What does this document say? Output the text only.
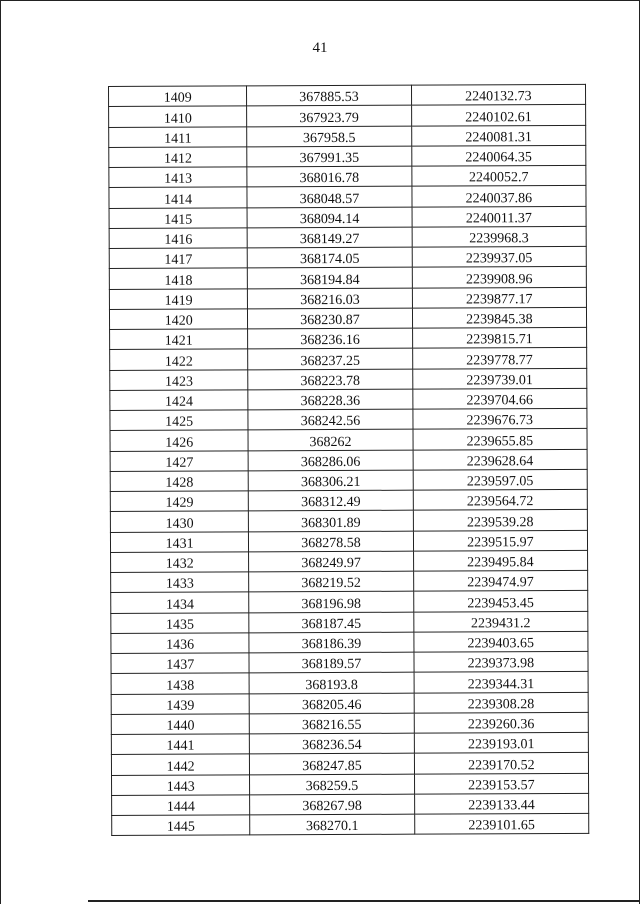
41
1409	367885.53	2240132.73
1410	367923.79	2240102.61
1411	367958.5	2240081.31
1412	367991.35	2240064.35
1413	368016.78	2240052.7
1414	368048.57	2240037.86
1415	368094.14	2240011.37
1416	368149.27	2239968.3
1417	368174.05	2239937.05
1418	368194.84	2239908.96
1419	368216.03	2239877.17
1420	368230.87	2239845.38
1421	368236.16	2239815.71
1422	368237.25	2239778.77
1423	368223.78	2239739.01
1424	368228.36	2239704.66
1425	368242.56	2239676.73
1426	368262	2239655.85
1427	368286.06	2239628.64
1428	368306.21	2239597.05
1429	368312.49	2239564.72
1430	368301.89	2239539.28
1431	368278.58	2239515.97
1432	368249.97	2239495.84
1433	368219.52	2239474.97
1434	368196.98	2239453.45
1435	368187.45	2239431.2
1436	368186.39	2239403.65
1437	368189.57	2239373.98
1438	368193.8	2239344.31
1439	368205.46	2239308.28
1440	368216.55	2239260.36
1441	368236.54	2239193.01
1442	368247.85	2239170.52
1443	368259.5	2239153.57
1444	368267.98	2239133.44
1445	368270.1	2239101.65
